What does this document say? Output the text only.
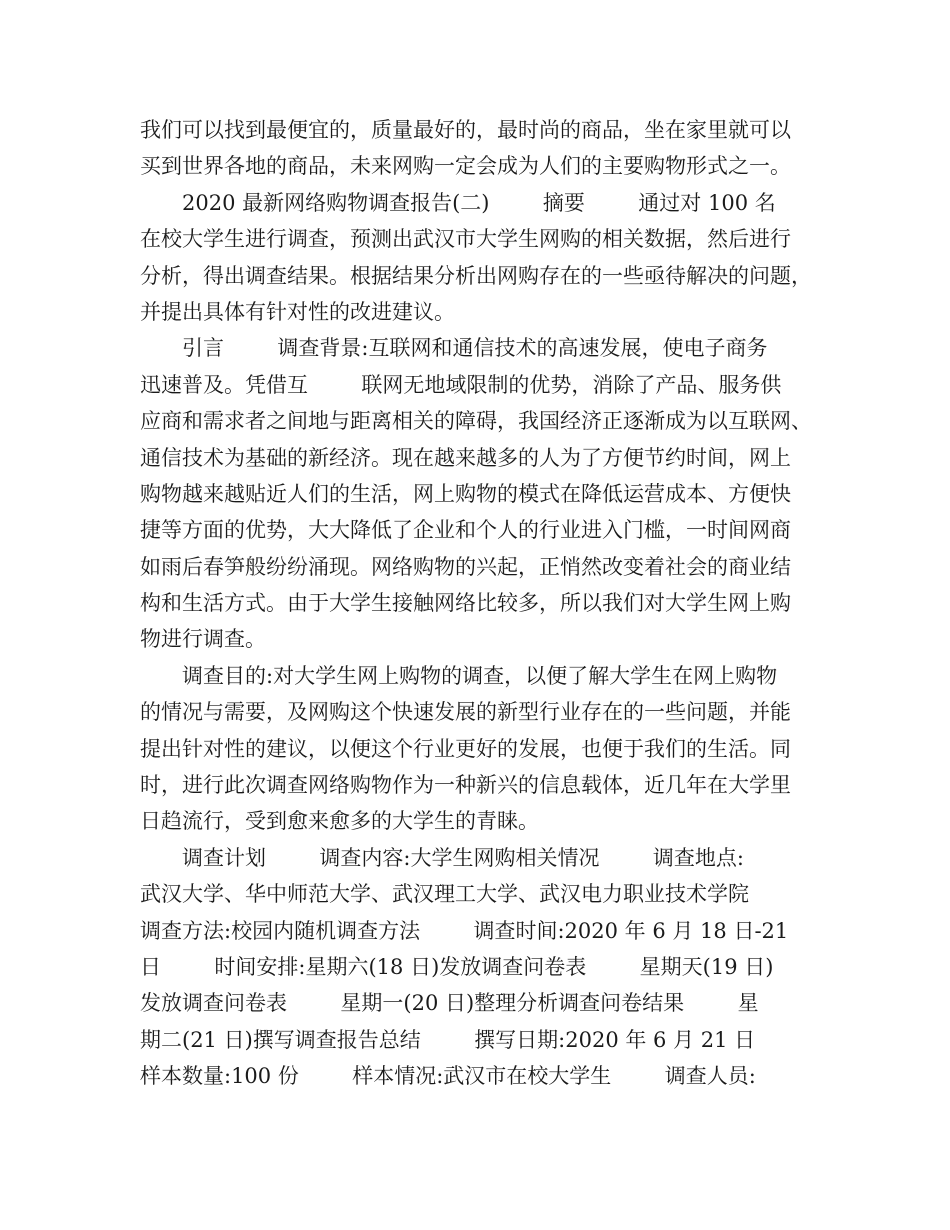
我们可以找到最便宜的，质量最好的，最时尚的商品，坐在家里就可以
买到世界各地的商品，未来网购一定会成为人们的主要购物形式之一。
2020 最新网络购物调查报告(二)        摘要        通过对 100 名
在校大学生进行调查，预测出武汉市大学生网购的相关数据，然后进行
分析，得出调查结果。根据结果分析出网购存在的一些亟待解决的问题，
并提出具体有针对性的改进建议。
引言        调查背景:互联网和通信技术的高速发展，使电子商务
迅速普及。凭借互        联网无地域限制的优势，消除了产品、服务供
应商和需求者之间地与距离相关的障碍，我国经济正逐渐成为以互联网、
通信技术为基础的新经济。现在越来越多的人为了方便节约时间，网上
购物越来越贴近人们的生活，网上购物的模式在降低运营成本、方便快
捷等方面的优势，大大降低了企业和个人的行业进入门槛，一时间网商
如雨后春笋般纷纷涌现。网络购物的兴起，正悄然改变着社会的商业结
构和生活方式。由于大学生接触网络比较多，所以我们对大学生网上购
物进行调查。
调查目的:对大学生网上购物的调查，以便了解大学生在网上购物
的情况与需要，及网购这个快速发展的新型行业存在的一些问题，并能
提出针对性的建议，以便这个行业更好的发展，也便于我们的生活。同
时，进行此次调查网络购物作为一种新兴的信息载体，近几年在大学里
日趋流行，受到愈来愈多的大学生的青睐。
调查计划        调查内容:大学生网购相关情况        调查地点:
武汉大学、华中师范大学、武汉理工大学、武汉电力职业技术学院
调查方法:校园内随机调查方法        调查时间:2020 年 6 月 18 日-21
日        时间安排:星期六(18 日)发放调查问卷表        星期天(19 日)
发放调查问卷表        星期一(20 日)整理分析调查问卷结果        星
期二(21 日)撰写调查报告总结        撰写日期:2020 年 6 月 21 日
样本数量:100 份        样本情况:武汉市在校大学生        调查人员:
